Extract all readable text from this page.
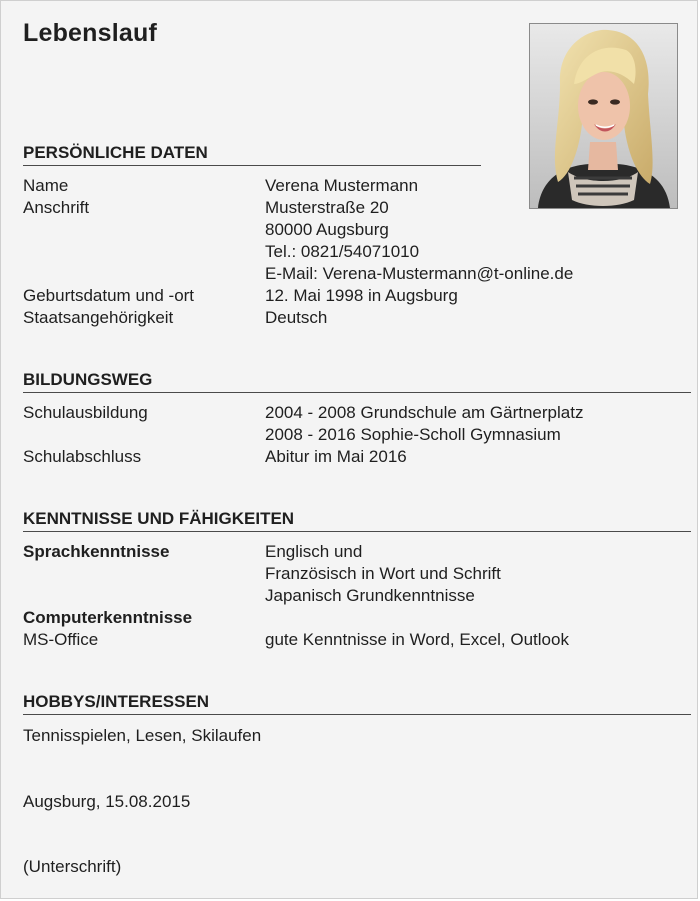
Lebenslauf
PERSÖNLICHE DATEN
Name	Verena Mustermann
Anschrift	Musterstraße 20
80000 Augsburg
Tel.: 0821/54071010
E-Mail: Verena-Mustermann@t-online.de
Geburtsdatum und -ort	12. Mai 1998 in Augsburg
Staatsangehörigkeit	Deutsch
BILDUNGSWEG
Schulausbildung	2004 - 2008 Grundschule am Gärtnerplatz
2008 - 2016 Sophie-Scholl Gymnasium
Schulabschluss	Abitur im Mai 2016
KENNTNISSE UND FÄHIGKEITEN
Sprachkenntnisse	Englisch und
Französisch in Wort und Schrift
Japanisch Grundkenntnisse
Computerkenntnisse
MS-Office	gute Kenntnisse in Word, Excel, Outlook
HOBBYS/INTERESSEN
Tennisspielen, Lesen, Skilaufen
Augsburg, 15.08.2015
(Unterschrift)
